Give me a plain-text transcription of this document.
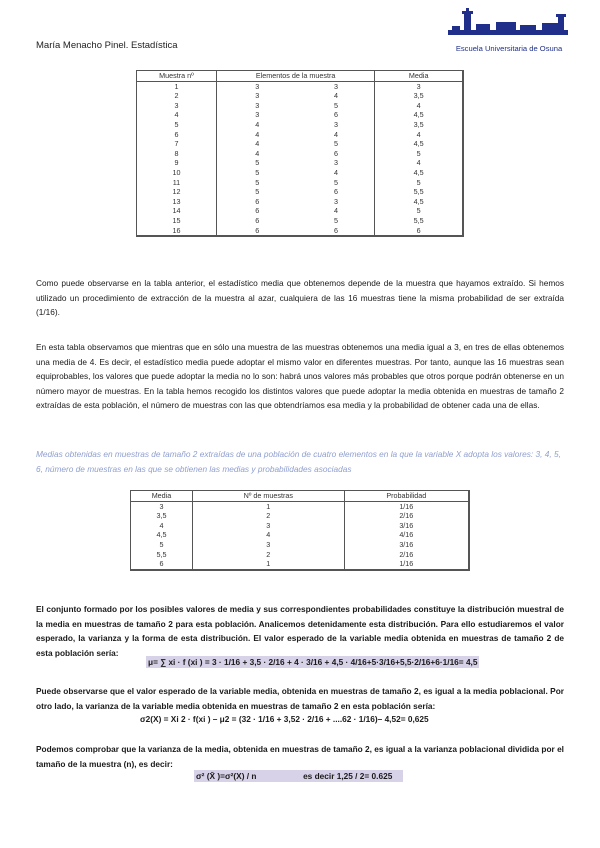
María Menacho Pinel. Estadística	Escuela Universitaria de Osuna
Muestra nº	Elementos de la muestra		Media
1	3	3	3
2	3	4	3,5
3	3	5	4
4	3	6	4,5
5	4	3	3,5
6	4	4	4
7	4	5	4,5
8	4	6	5
9	5	3	4
10	5	4	4,5
11	5	5	5
12	5	6	5,5
13	6	3	4,5
14	6	4	5
15	6	5	5,5
16	6	6	6

Como puede observarse en la tabla anterior, el estadístico media que obtenemos depende de la muestra que hayamos extraído. Si hemos utilizado un procedimiento de extracción de la muestra al azar, cualquiera de las 16 muestras tiene la misma probabilidad de ser extraída (1/16).

En esta tabla observamos que mientras que en sólo una muestra de las muestras obtenemos una media igual a 3, en tres de ellas obtenemos una media de 4. Es decir, el estadístico media puede adoptar el mismo valor en diferentes muestras. Por tanto, aunque las 16 muestras sean equiprobables, los valores que puede adoptar la media no lo son: habrá unos valores más probables que otros porque podrán obtenerse en un número mayor de muestras. En la tabla hemos recogido los distintos valores que puede adoptar la media obtenida en muestras de tamaño 2 extraídas de esta población, el número de muestras con las que obtendríamos esa media y la probabilidad de obtener cada una de ellas.

Medias obtenidas en muestras de tamaño 2 extraídas de una población de cuatro elementos en la que la variable X adopta los valores: 3, 4, 5, 6, número de muestras en las que se obtienen las medias y probabilidades asociadas

Media	Nº de muestras	Probabilidad
3	1	1/16
3,5	2	2/16
4	3	3/16
4,5	4	4/16
5	3	3/16
5,5	2	2/16
6	1	1/16

El conjunto formado por los posibles valores de media y sus correspondientes probabilidades constituye la distribución muestral de la media en muestras de tamaño 2 para esta población. Analicemos detenidamente esta distribución. Para ello estudiaremos el valor esperado, la varianza y la forma de esta distribución. El valor esperado de la variable media obtenida en muestras de tamaño 2 de esta población sería:

μ= ∑ xi · f (xi ) = 3 · 1/16 + 3,5 · 2/16 + 4 · 3/16 + 4,5 · 4/16+5·3/16+5,5·2/16+6·1/16= 4,5

Puede observarse que el valor esperado de la variable media, obtenida en muestras de tamaño 2, es igual a la media poblacional. Por otro lado, la varianza de la variable media obtenida en muestras de tamaño 2 en esta población sería:

σ2(X) = Xi 2 · f(xi ) – μ2 = (32 · 1/16 + 3,52 · 2/16 + ....62 · 1/16)– 4,52= 0,625

Podemos comprobar que la varianza de la media, obtenida en muestras de tamaño 2, es igual a la varianza poblacional dividida por el tamaño de la muestra (n), es decir:

σ² (X̄ )=σ²(X) / n	es decir 1,25 / 2= 0.625
